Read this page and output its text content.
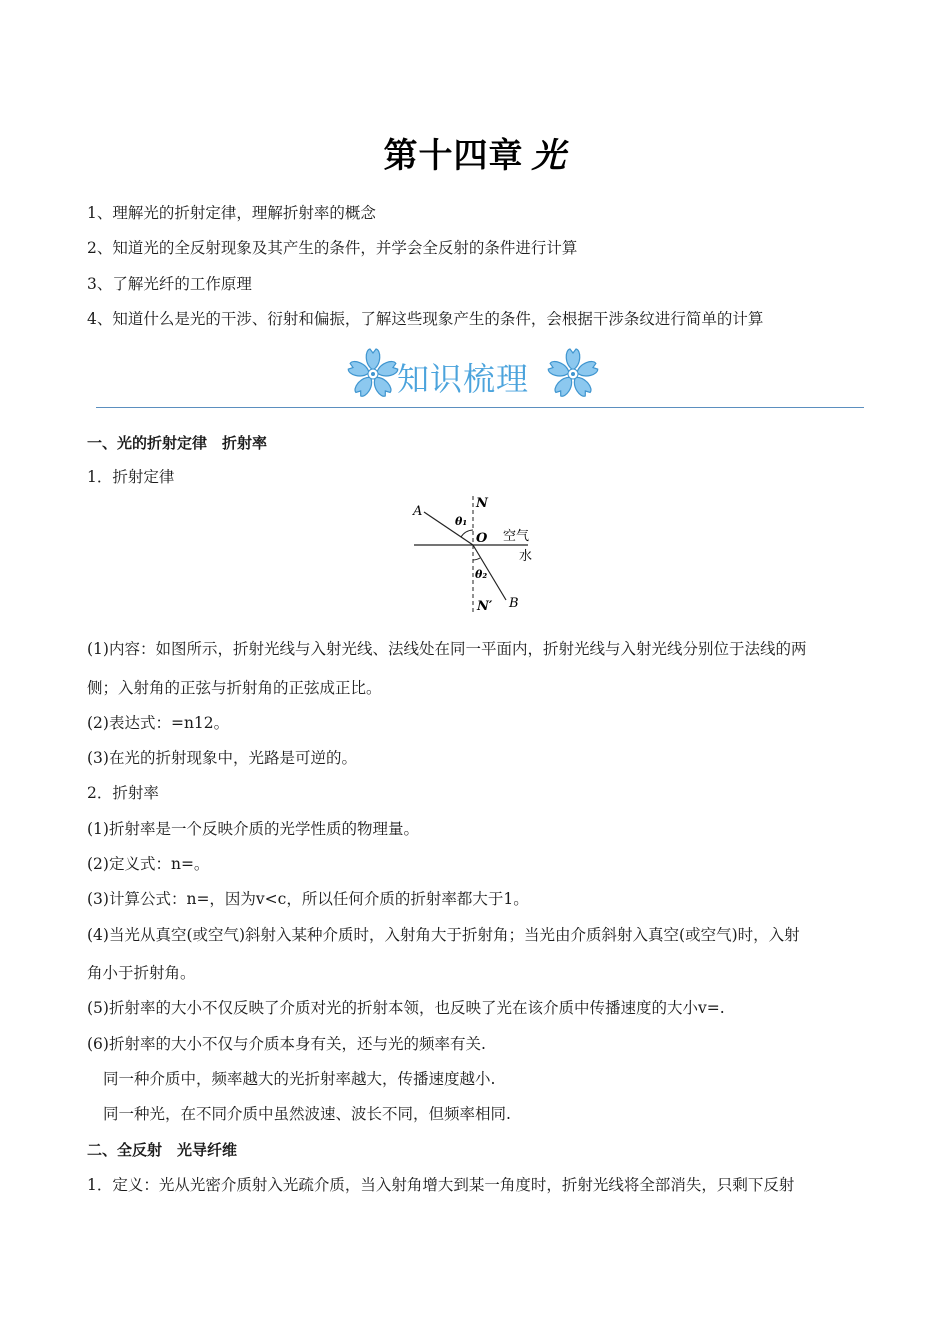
第十四章 光
1、理解光的折射定律，理解折射率的概念
2、知道光的全反射现象及其产生的条件，并学会全反射的条件进行计算
3、了解光纤的工作原理
4、知道什么是光的干涉、衍射和偏振，了解这些现象产生的条件，会根据干涉条纹进行简单的计算
知识梳理
一、光的折射定律　折射率
1．折射定律
A
N
θ₁
O 空气
水
θ₂
N′ B
(1)内容：如图所示，折射光线与入射光线、法线处在同一平面内，折射光线与入射光线分别位于法线的两
侧；入射角的正弦与折射角的正弦成正比。
(2)表达式：=n12。
(3)在光的折射现象中，光路是可逆的。
2．折射率
(1)折射率是一个反映介质的光学性质的物理量。
(2)定义式：n=。
(3)计算公式：n=，因为v<c，所以任何介质的折射率都大于1。
(4)当光从真空(或空气)斜射入某种介质时，入射角大于折射角；当光由介质斜射入真空(或空气)时，入射
角小于折射角。
(5)折射率的大小不仅反映了介质对光的折射本领，也反映了光在该介质中传播速度的大小v=.
(6)折射率的大小不仅与介质本身有关，还与光的频率有关.
同一种介质中，频率越大的光折射率越大，传播速度越小.
同一种光，在不同介质中虽然波速、波长不同，但频率相同.
二、全反射　光导纤维
1．定义：光从光密介质射入光疏介质，当入射角增大到某一角度时，折射光线将全部消失，只剩下反射
